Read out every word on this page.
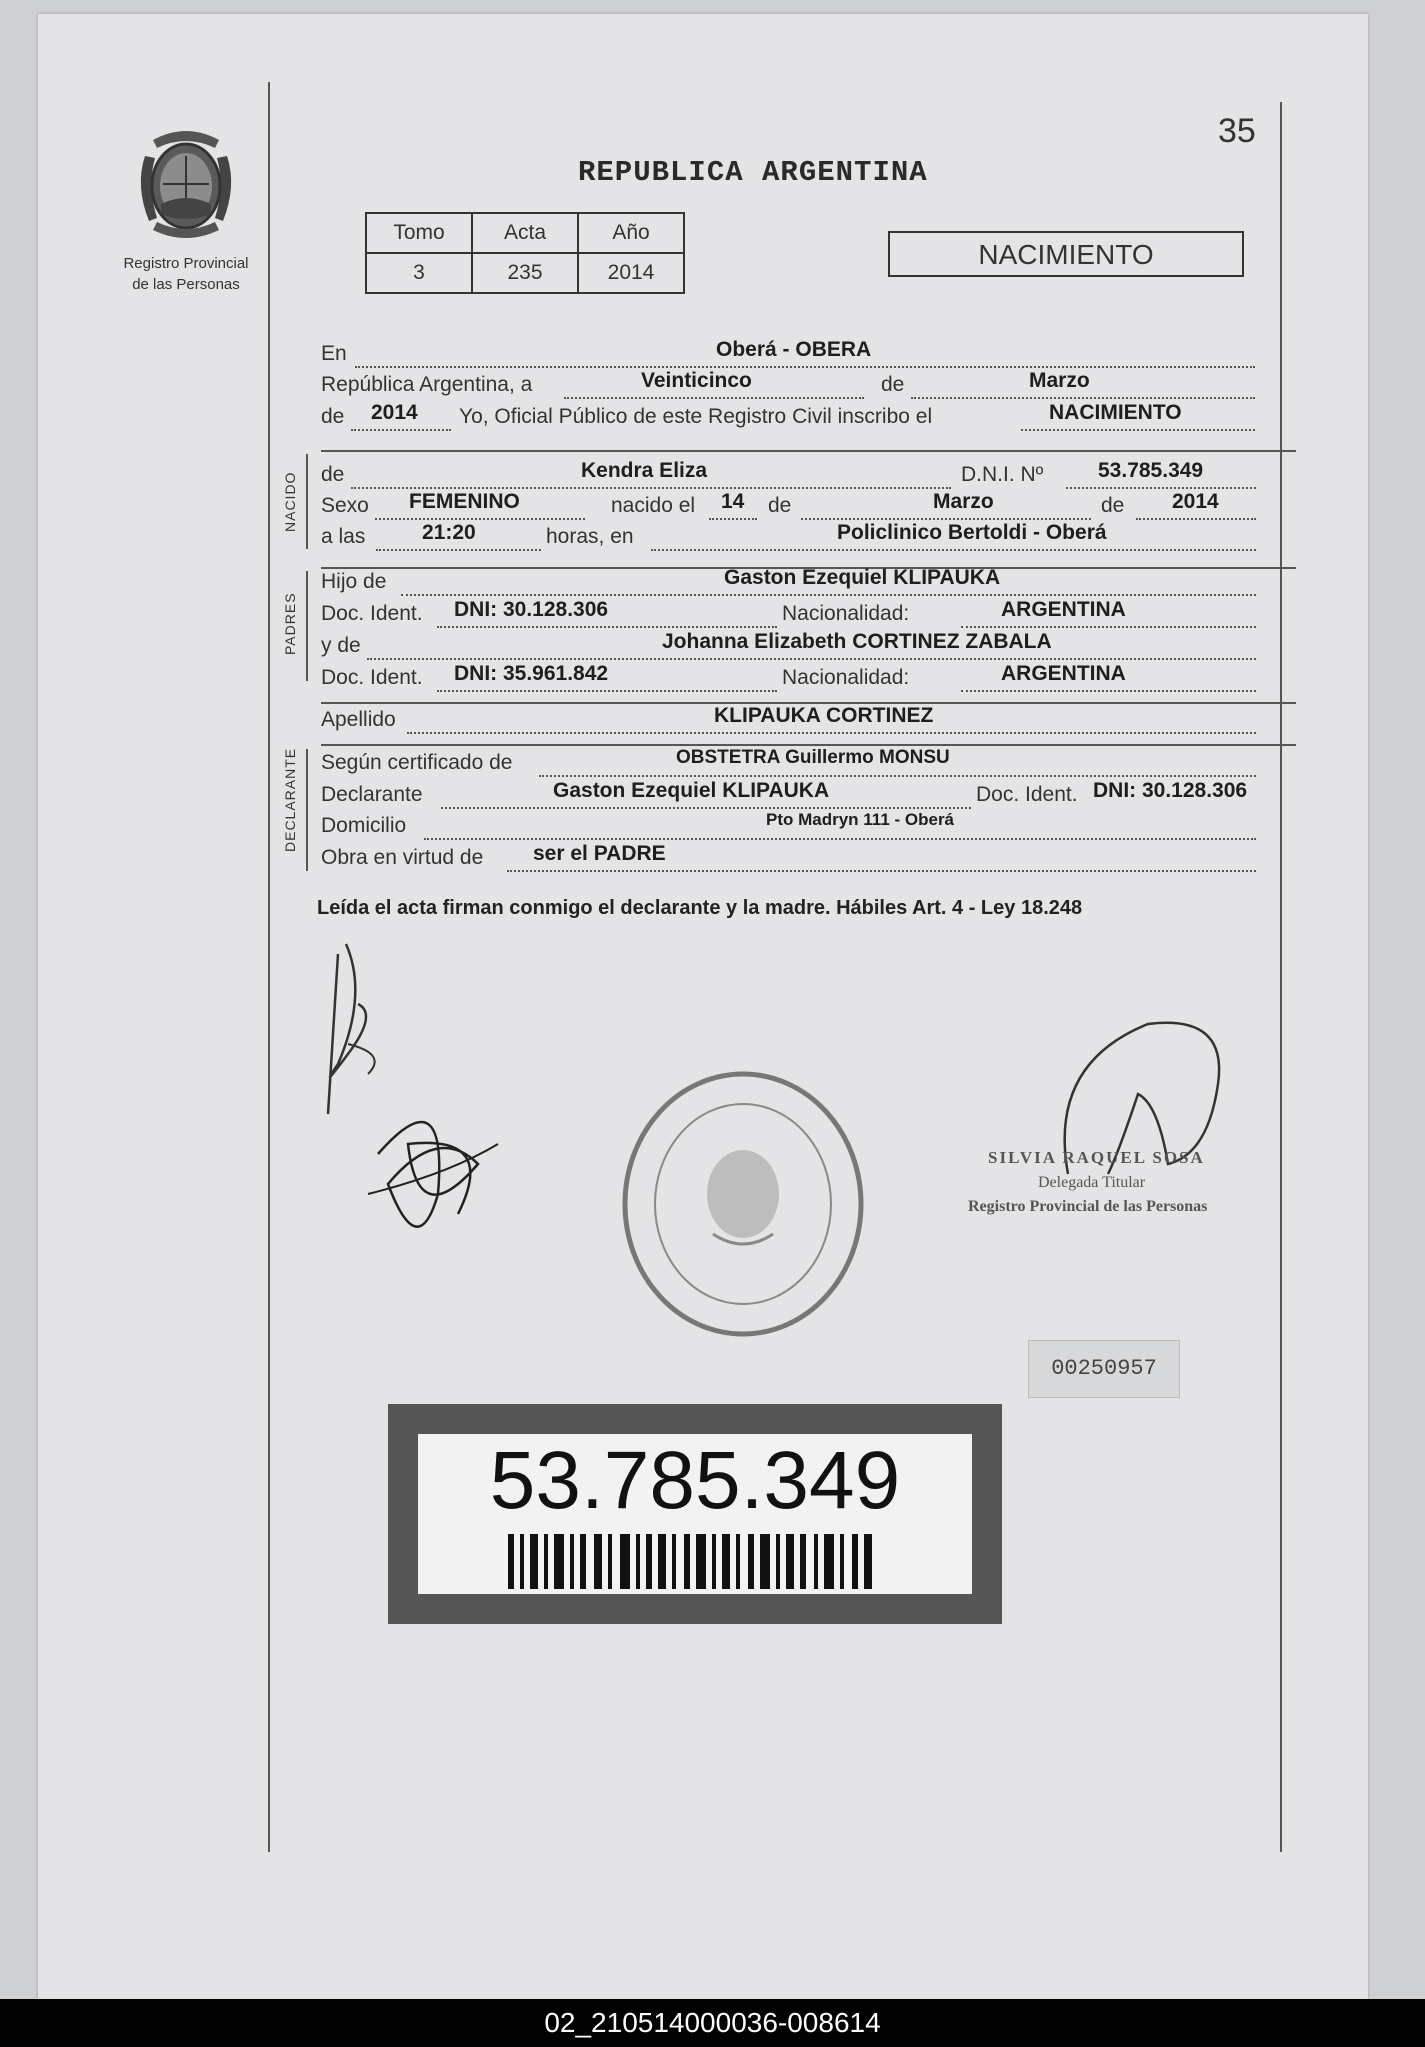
35
REPUBLICA ARGENTINA
Registro Provincial
de las Personas
Tomo	Acta	Año
3	235	2014
NACIMIENTO
En	Oberá - OBERA
República Argentina, a	Veinticinco	de	Marzo
de 2014 Yo, Oficial Público de este Registro Civil inscribo el	NACIMIENTO
NACIDO de	Kendra Eliza	D.N.I. Nº	53.785.349
Sexo FEMENINO	nacido el 14 de	Marzo	de 2014
a las	21:20	horas, en	Policlinico Bertoldi - Oberá
PADRES
Hijo de	Gaston Ezequiel KLIPAUKA
Doc. Ident. DNI: 30.128.306	Nacionalidad:	ARGENTINA
y de	Johanna Elizabeth CORTINEZ ZABALA
Doc. Ident. DNI: 35.961.842	Nacionalidad:	ARGENTINA
Apellido	KLIPAUKA CORTINEZ
DECLARANTE Según certificado de	OBSTETRA Guillermo MONSU
Declarante	Gaston Ezequiel KLIPAUKA	Doc. Ident. DNI: 30.128.306
Domicilio	Pto Madryn 111 - Oberá
Obra en virtud de ser el PADRE
Leída el acta firman conmigo el declarante y la madre. Hábiles Art. 4 - Ley 18.248
SILVIA RAQUEL SOSA
Delegada Titular
Registro Provincial de las Personas
00250957
53.785.349
02_210514000036-008614
